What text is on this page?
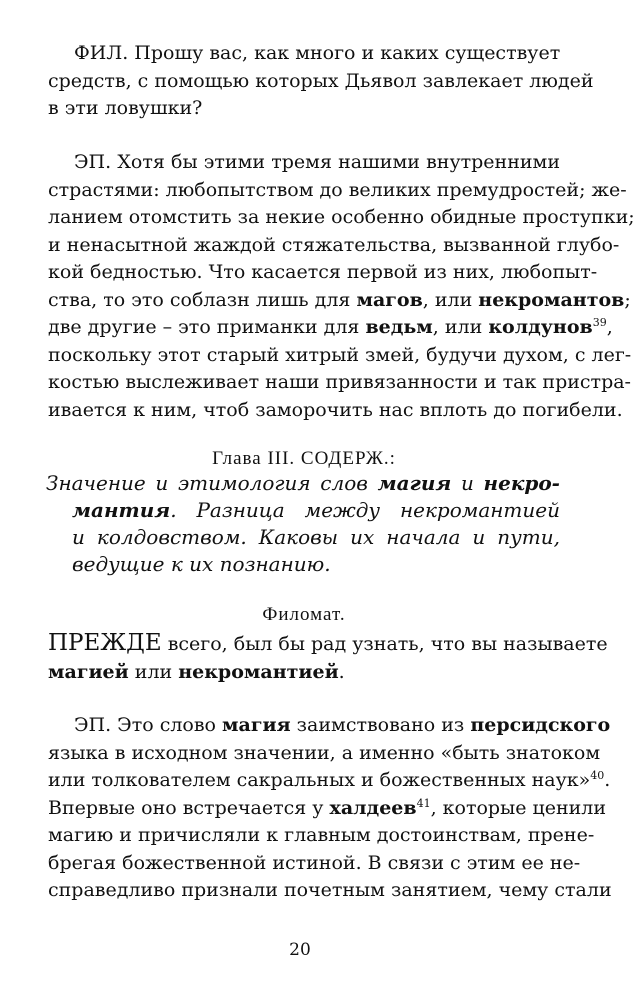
ФИЛ. Прошу вас, как много и каких существует
средств, с помощью которых Дьявол завлекает людей
в эти ловушки?
ЭП. Хотя бы этими тремя нашими внутренними
страстями: любопытством до великих премудростей; же-
ланием отомстить за некие особенно обидные проступки;
и ненасытной жаждой стяжательства, вызванной глубо-
кой бедностью. Что касается первой из них, любопыт-
ства, то это соблазн лишь для магов, или некромантов;
две другие – это приманки для ведьм, или колдунов$^{39}$,
поскольку этот старый хитрый змей, будучи духом, с лег-
костью выслеживает наши привязанности и так пристра-
ивается к ним, чтоб заморочить нас вплоть до погибели.
Глава III. СОДЕРЖ.:
Значение и этимология слов магия и некро-
мантия. Разница между некромантией
и колдовством. Каковы их начала и пути,
ведущие к их познанию.
Филомат.
ПРЕЖДЕ всего, был бы рад узнать, что вы называете
магией или некромантией.
ЭП. Это слово магия заимствовано из персидского
языка в исходном значении, а именно «быть знатоком
или толкователем сакральных и божественных наук»$^{40}$.
Впервые оно встречается у халдеев$^{41}$, которые ценили
магию и причисляли к главным достоинствам, прене-
брегая божественной истиной. В связи с этим ее не-
справедливо признали почетным занятием, чему стали
20
